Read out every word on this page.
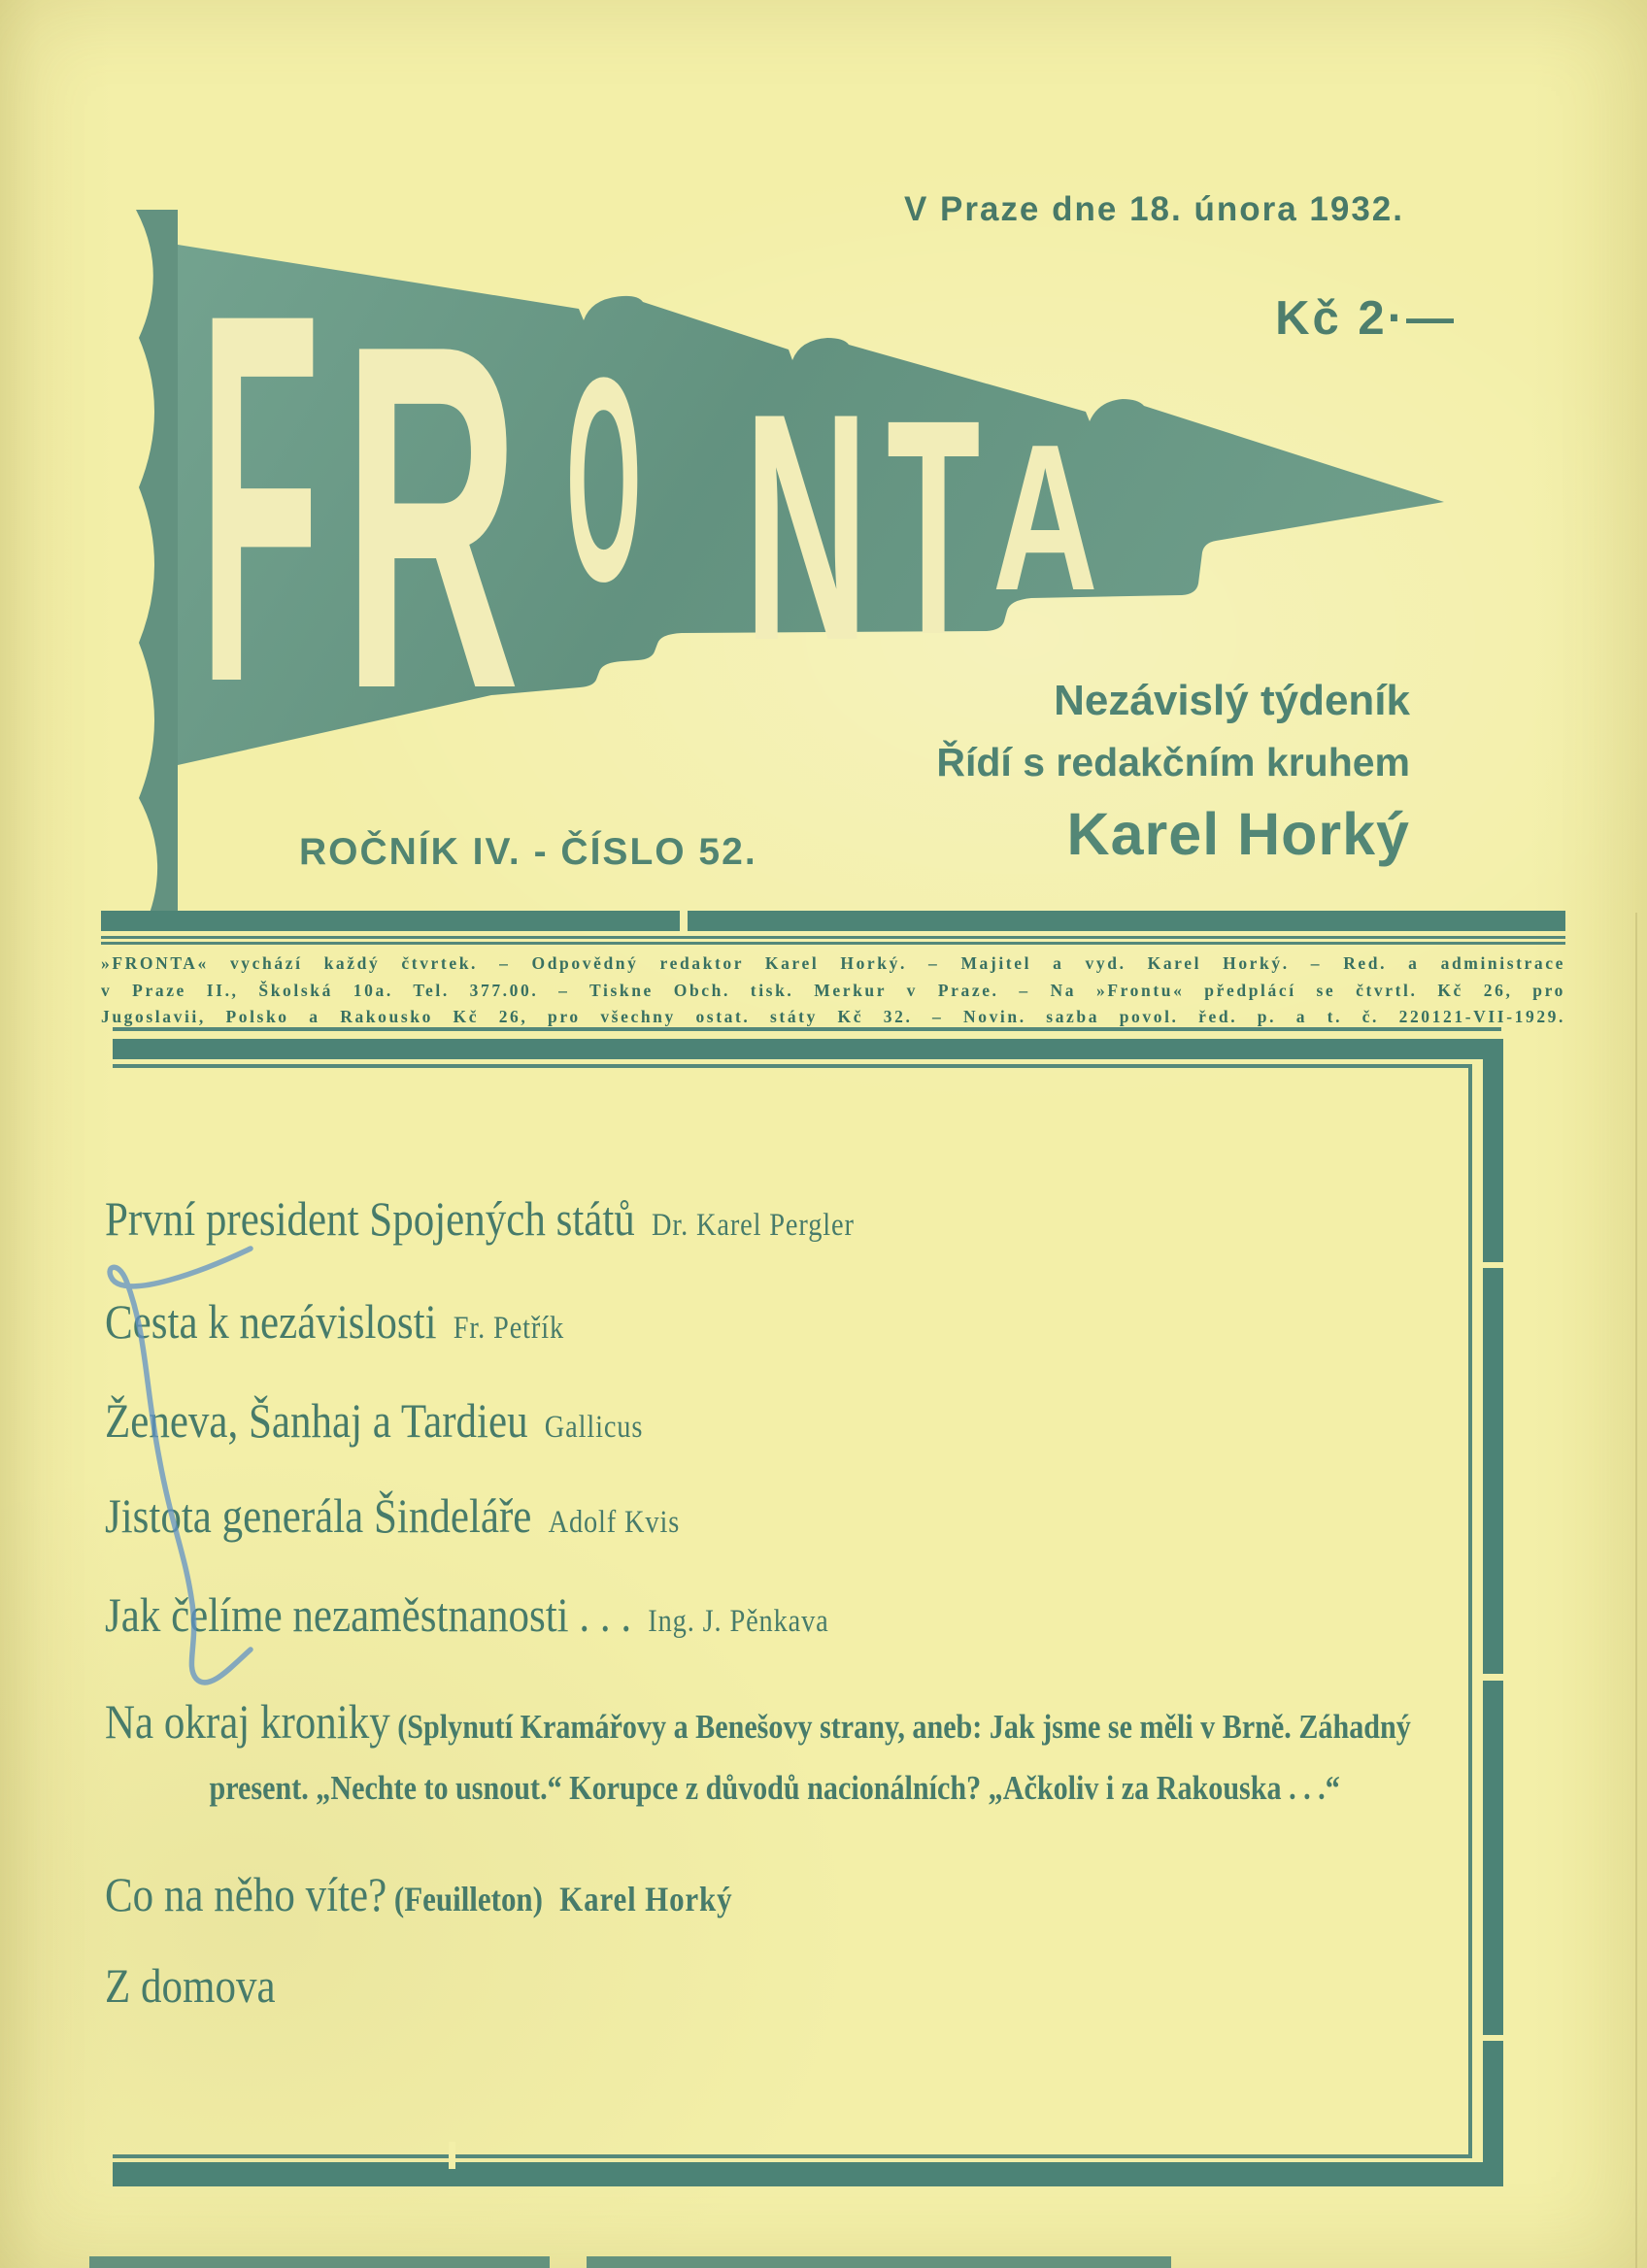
V Praze dne 18. února 1932.
Kč 2·—
F R O N T A
ROČNÍK IV. - ČÍSLO 52.
Nezávislý týdeník
Řídí s redakčním kruhem
Karel Horký
»FRONTA« vychází každý čtvrtek. – Odpovědný redaktor Karel Horký. – Majitel a vyd. Karel Horký. – Red. a administrace
v Praze II., Školská 10a. Tel. 377.00. – Tiskne Obch. tisk. Merkur v Praze. – Na »Frontu« předplácí se čtvrtl. Kč 26, pro
Jugoslavii, Polsko a Rakousko Kč 26, pro všechny ostat. státy Kč 32. – Novin. sazba povol. řed. p. a t. č. 220121-VII-1929.
První president Spojených států Dr. Karel Pergler
Cesta k nezávislosti Fr. Petřík
Ženeva, Šanhaj a Tardieu Gallicus
Jistota generála Šindeláře Adolf Kvis
Jak čelíme nezaměstnanosti . . . Ing. J. Pěnkava
Na okraj kroniky (Splynutí Kramářovy a Benešovy strany, aneb: Jak jsme se měli v Brně. Záhadný present. „Nechte to usnout.“ Korupce z důvodů nacionálních? „Ačkoliv i za Rakouska . . .“
Co na něho víte? (Feuilleton) Karel Horký
Z domova
